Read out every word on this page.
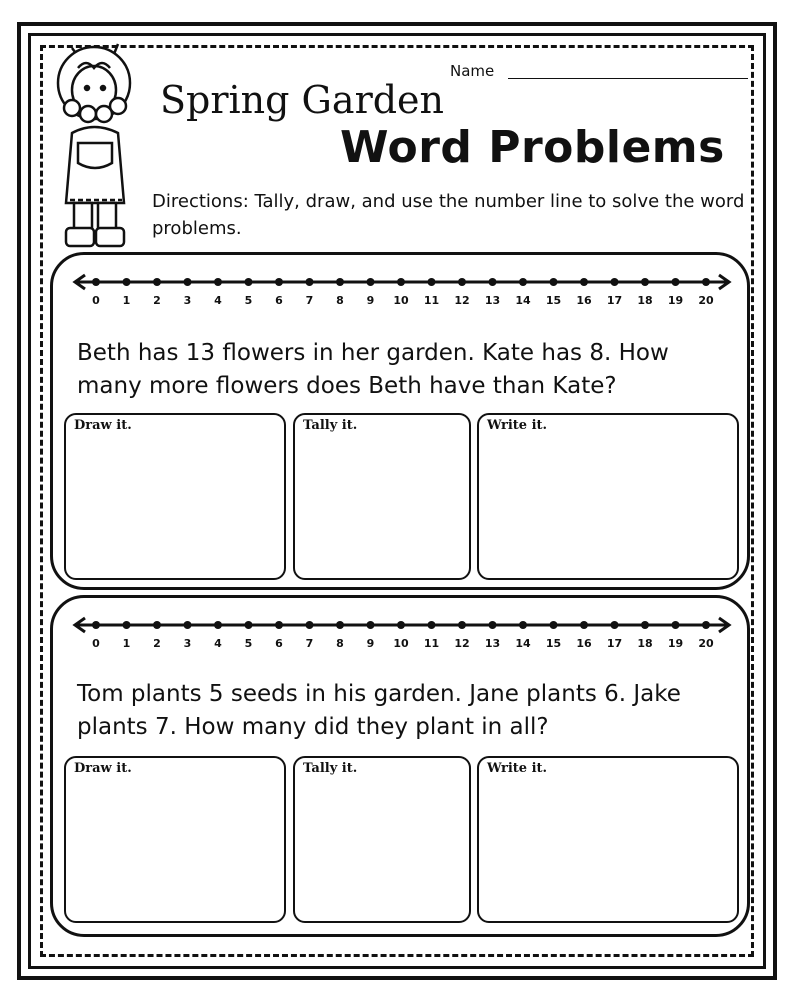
Name
Spring Garden
Word Problems
Directions: Tally, draw, and use the number line to solve the word problems.
0 1 2 3 4 5 6 7 8 9 10 11 12 13 14 15 16 17 18 19 20
Beth has 13 flowers in her garden. Kate has 8. How many more flowers does Beth have than Kate?
Draw it.	Tally it.	Write it.
0 1 2 3 4 5 6 7 8 9 10 11 12 13 14 15 16 17 18 19 20
Tom plants 5 seeds in his garden. Jane plants 6. Jake plants 7. How many did they plant in all?
Draw it.	Tally it.	Write it.
